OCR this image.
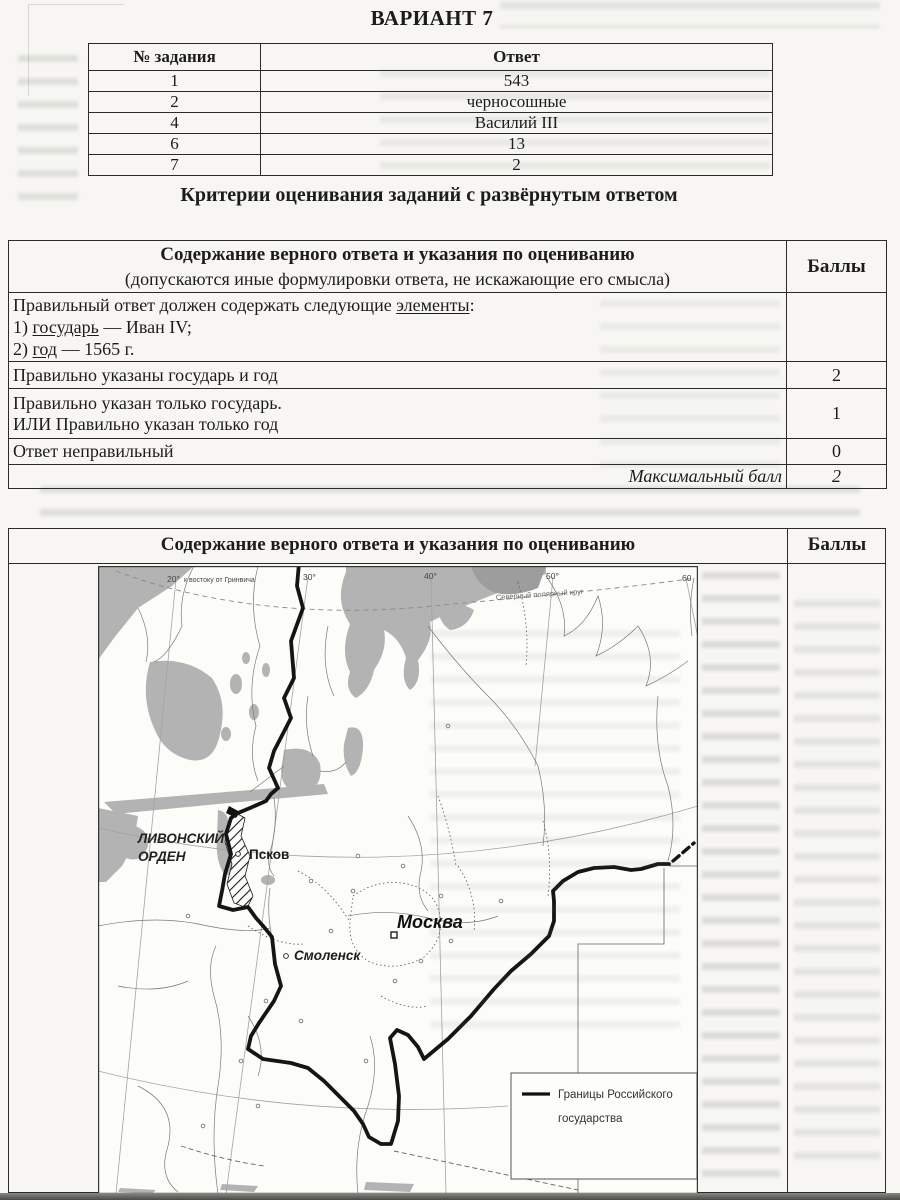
ВАРИАНТ 7
№ задания	Ответ
1	543
2	черносошные
4	Василий III
6	13
7	2
Критерии оценивания заданий с развёрнутым ответом
Содержание верного ответа и указания по оцениванию
(допускаются иные формулировки ответа, не искажающие его смысла)	Баллы

Правильный ответ должен содержать следующие элементы:
1) государь — Иван IV;
2) год — 1565 г.	

Правильно указаны государь и год	2

Правильно указан только государь.
ИЛИ Правильно указан только год	1
Ответ неправильный	0
Максимальный балл	2
Содержание верного ответа и указания по оцениванию	Баллы
20° к востоку от Гринвича	30°	40°	50°	60
Северный полярный круг
ЛИВОНСКИЙ
ОРДЕН	Псков
Смоленск
Москва
Границы Российского
государства
